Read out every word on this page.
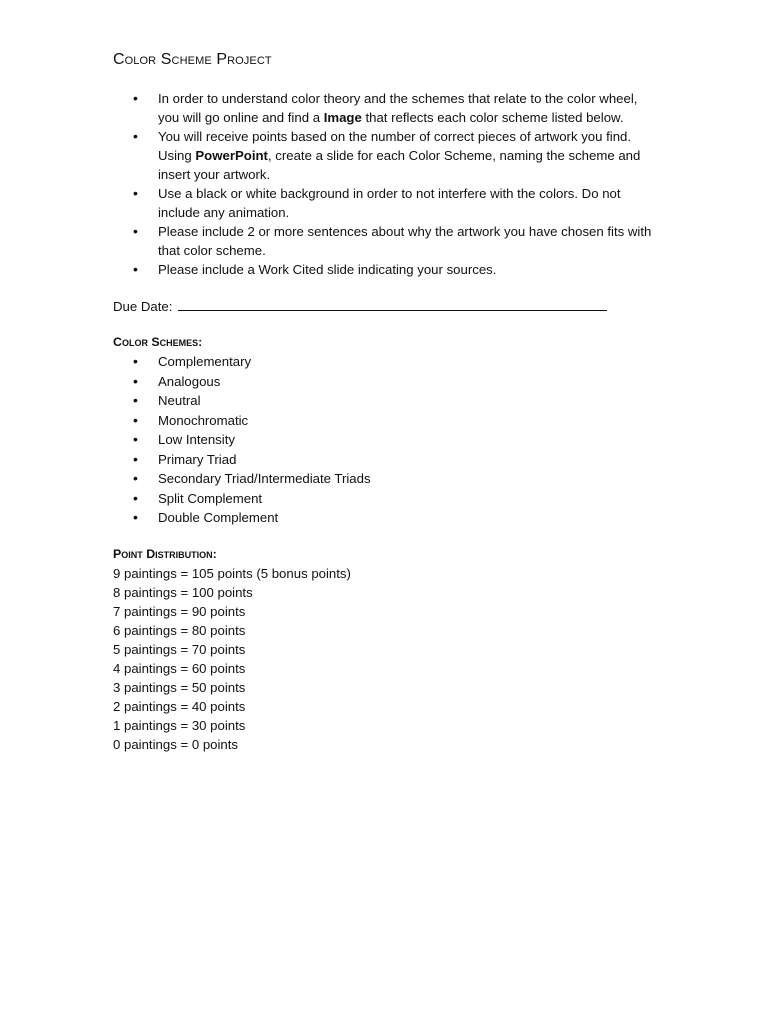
Color Scheme Project
• In order to understand color theory and the schemes that relate to the color wheel, you will go online and find a Image that reflects each color scheme listed below.
• You will receive points based on the number of correct pieces of artwork you find. Using PowerPoint, create a slide for each Color Scheme, naming the scheme and insert your artwork.
• Use a black or white background in order to not interfere with the colors. Do not include any animation.
• Please include 2 or more sentences about why the artwork you have chosen fits with that color scheme.
• Please include a Work Cited slide indicating your sources.
Due Date:
Color Schemes:
• Complementary
• Analogous
• Neutral
• Monochromatic
• Low Intensity
• Primary Triad
• Secondary Triad/Intermediate Triads
• Split Complement
• Double Complement
Point Distribution:
9 paintings = 105 points (5 bonus points)
8 paintings = 100 points
7 paintings = 90 points
6 paintings = 80 points
5 paintings = 70 points
4 paintings = 60 points
3 paintings = 50 points
2 paintings = 40 points
1 paintings = 30 points
0 paintings = 0 points
